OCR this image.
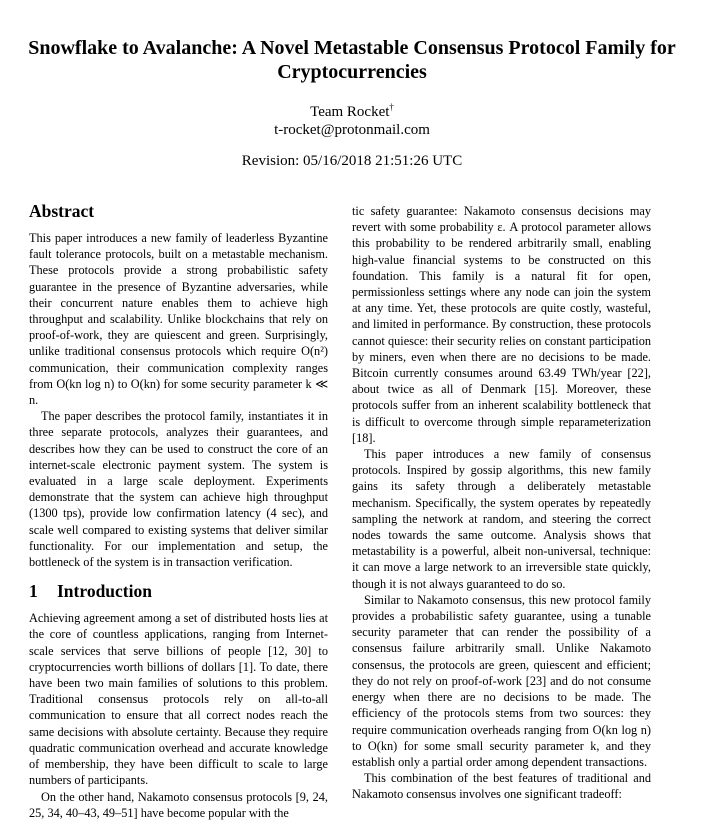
Snowflake to Avalanche: A Novel Metastable Consensus Protocol Family for Cryptocurrencies
Team Rocket†
t-rocket@protonmail.com
Revision: 05/16/2018 21:51:26 UTC
Abstract

This paper introduces a new family of leaderless Byzantine fault tolerance protocols, built on a metastable mechanism. These protocols provide a strong probabilistic safety guarantee in the presence of Byzantine adversaries, while their concurrent nature enables them to achieve high throughput and scalability. Unlike blockchains that rely on proof-of-work, they are quiescent and green. Surprisingly, unlike traditional consensus protocols which require O(n²) communication, their communication complexity ranges from O(kn log n) to O(kn) for some security parameter k ≪ n.

The paper describes the protocol family, instantiates it in three separate protocols, analyzes their guarantees, and describes how they can be used to construct the core of an internet-scale electronic payment system. The system is evaluated in a large scale deployment. Experiments demonstrate that the system can achieve high throughput (1300 tps), provide low confirmation latency (4 sec), and scale well compared to existing systems that deliver similar functionality. For our implementation and setup, the bottleneck of the system is in transaction verification.

1 Introduction

Achieving agreement among a set of distributed hosts lies at the core of countless applications, ranging from Internet-scale services that serve billions of people [12, 30] to cryptocurrencies worth billions of dollars [1]. To date, there have been two main families of solutions to this problem. Traditional consensus protocols rely on all-to-all communication to ensure that all correct nodes reach the same decisions with absolute certainty. Because they require quadratic communication overhead and accurate knowledge of membership, they have been difficult to scale to large numbers of participants.

On the other hand, Nakamoto consensus protocols [9, 24, 25, 34, 40–43, 49–51] have become popular with the

tic safety guarantee: Nakamoto consensus decisions may revert with some probability ε. A protocol parameter allows this probability to be rendered arbitrarily small, enabling high-value financial systems to be constructed on this foundation. This family is a natural fit for open, permissionless settings where any node can join the system at any time. Yet, these protocols are quite costly, wasteful, and limited in performance. By construction, these protocols cannot quiesce: their security relies on constant participation by miners, even when there are no decisions to be made. Bitcoin currently consumes around 63.49 TWh/year [22], about twice as all of Denmark [15]. Moreover, these protocols suffer from an inherent scalability bottleneck that is difficult to overcome through simple reparameterization [18].

This paper introduces a new family of consensus protocols. Inspired by gossip algorithms, this new family gains its safety through a deliberately metastable mechanism. Specifically, the system operates by repeatedly sampling the network at random, and steering the correct nodes towards the same outcome. Analysis shows that metastability is a powerful, albeit non-universal, technique: it can move a large network to an irreversible state quickly, though it is not always guaranteed to do so.

Similar to Nakamoto consensus, this new protocol family provides a probabilistic safety guarantee, using a tunable security parameter that can render the possibility of a consensus failure arbitrarily small. Unlike Nakamoto consensus, the protocols are green, quiescent and efficient; they do not rely on proof-of-work [23] and do not consume energy when there are no decisions to be made. The efficiency of the protocols stems from two sources: they require communication overheads ranging from O(kn log n) to O(kn) for some small security parameter k, and they establish only a partial order among dependent transactions.

This combination of the best features of traditional and Nakamoto consensus involves one significant tradeoff:
